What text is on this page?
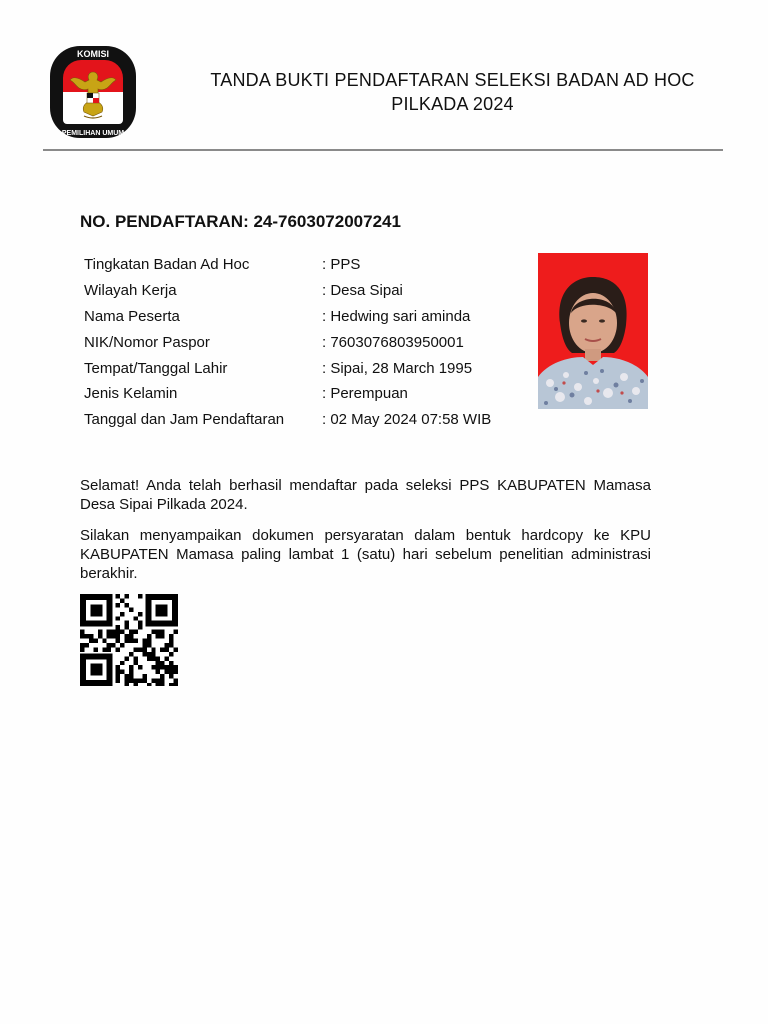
KOMISI
PEMILIHAN UMUM
TANDA BUKTI PENDAFTARAN SELEKSI BADAN AD HOC
PILKADA 2024
NO. PENDAFTARAN: 24-7603072007241
Tingkatan Badan Ad Hoc	: PPS
Wilayah Kerja	: Desa Sipai
Nama Peserta	: Hedwing sari aminda
NIK/Nomor Paspor	: 7603076803950001
Tempat/Tanggal Lahir	: Sipai, 28 March 1995
Jenis Kelamin	: Perempuan
Tanggal dan Jam Pendaftaran	: 02 May 2024 07:58 WIB

Selamat! Anda telah berhasil mendaftar pada seleksi PPS KABUPATEN Mamasa Desa Sipai Pilkada 2024.

Silakan menyampaikan dokumen persyaratan dalam bentuk hardcopy ke KPU KABUPATEN Mamasa paling lambat 1 (satu) hari sebelum penelitian administrasi berakhir.
